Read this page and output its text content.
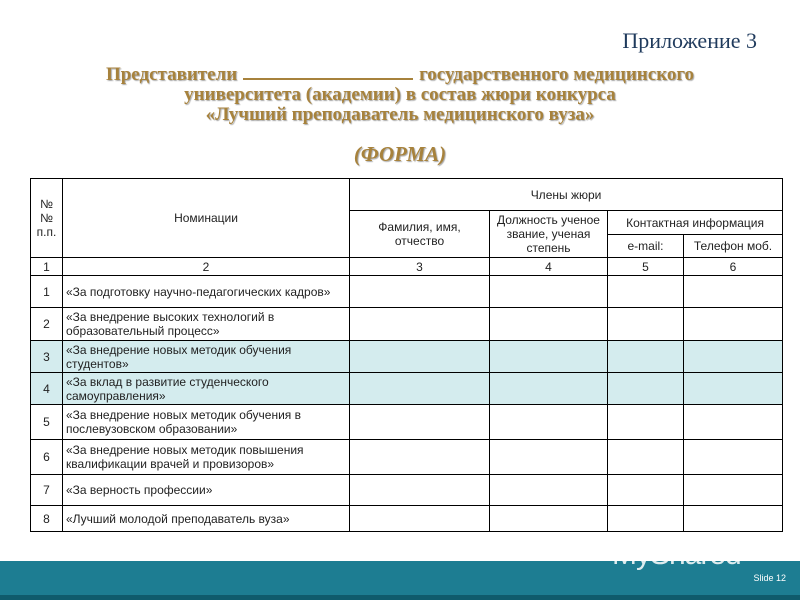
Приложение 3
Представители	государственного медицинского
университета (академии) в состав жюри конкурса
«Лучший преподаватель медицинского вуза»
(ФОРМА)
№№ п.п.	Номинации	Члены жюри			
		Фамилия, имя, отчество	Должность ученое звание, ученая степень	Контактная информация	
				e-mail:	Телефон моб.
1	2	3	4	5	6
1	«За подготовку научно-педагогических кадров»				
2	«За внедрение высоких технологий в образовательный процесс»				
3	«За внедрение новых методик обучения студентов»				
4	«За вклад в развитие студенческого самоуправления»				
5	«За внедрение новых методик обучения в послевузовском образовании»				
6	«За внедрение новых методик повышения квалификации врачей и провизоров»				
7	«За верность профессии»				
8	«Лучший молодой преподаватель вуза»				
MyShared
Slide 12
